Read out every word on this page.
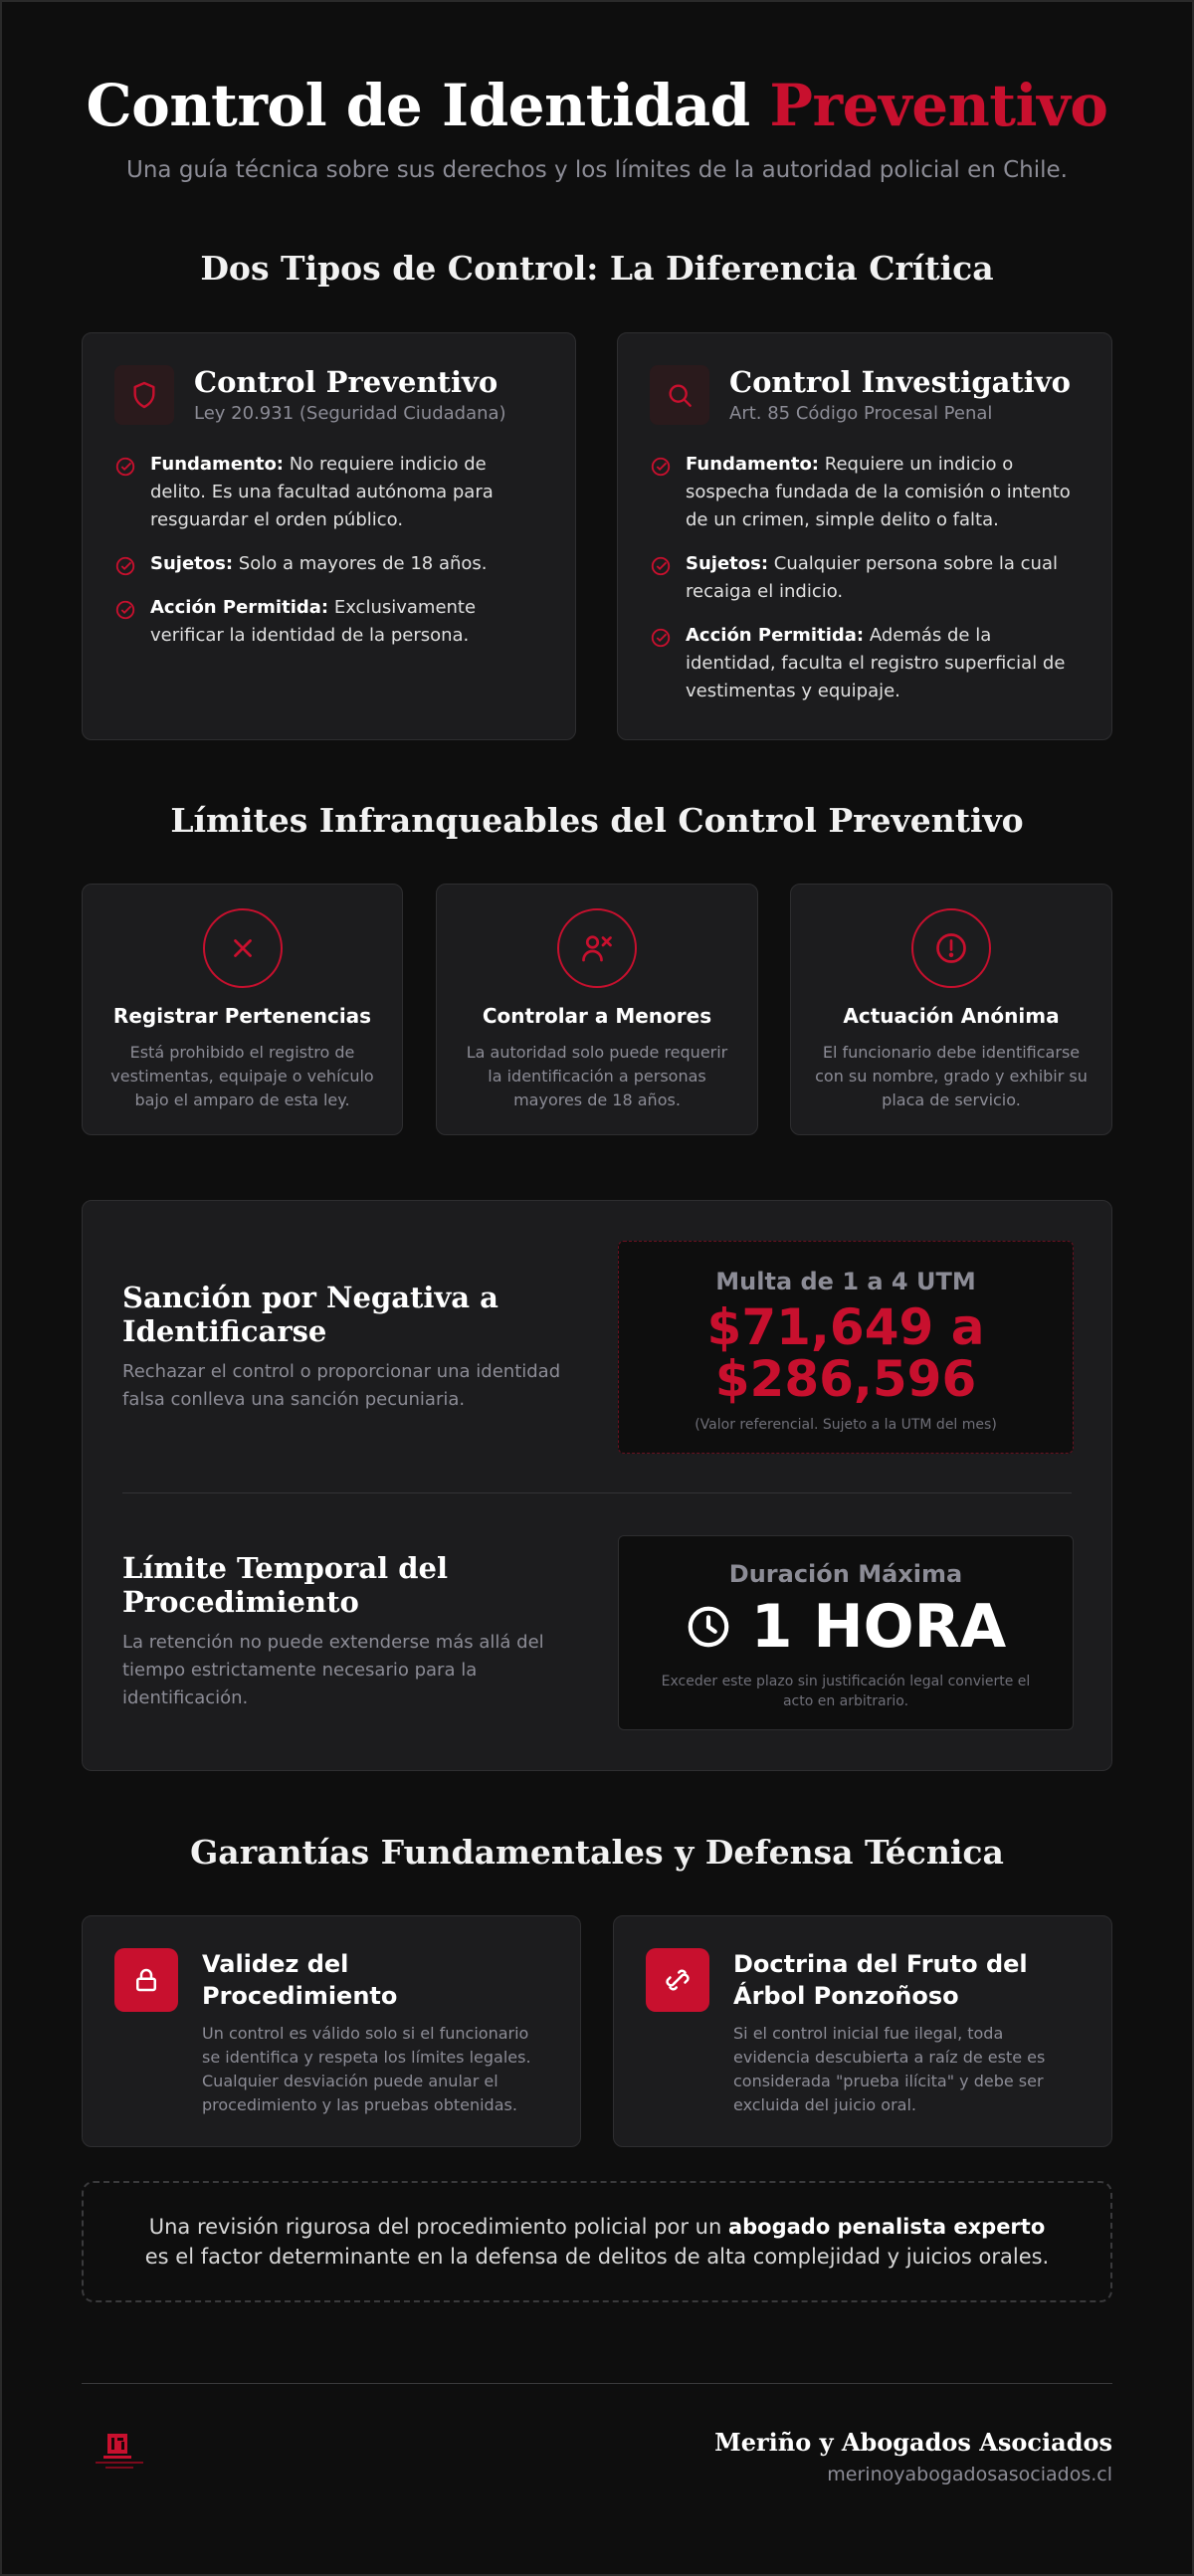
Control de Identidad Preventivo

Una guía técnica sobre sus derechos y los límites de la autoridad policial en Chile.

Dos Tipos de Control: La Diferencia Crítica
Control Preventivo
Ley 20.931 (Seguridad Ciudadana)
Fundamento: No requiere indicio de delito. Es una facultad autónoma para resguardar el orden público.
Sujetos: Solo a mayores de 18 años.
Acción Permitida: Exclusivamente verificar la identidad de la persona.
Control Investigativo
Art. 85 Código Procesal Penal
Fundamento: Requiere un indicio o sospecha fundada de la comisión o intento de un crimen, simple delito o falta.
Sujetos: Cualquier persona sobre la cual recaiga el indicio.
Acción Permitida: Además de la identidad, faculta el registro superficial de vestimentas y equipaje.
Límites Infranqueables del Control Preventivo
Registrar Pertenencias
Está prohibido el registro de vestimentas, equipaje o vehículo bajo el amparo de esta ley.
Controlar a Menores
La autoridad solo puede requerir la identificación a personas mayores de 18 años.
Actuación Anónima
El funcionario debe identificarse con su nombre, grado y exhibir su placa de servicio.
Sanción por Negativa a Identificarse
Rechazar el control o proporcionar una identidad falsa conlleva una sanción pecuniaria.
Multa de 1 a 4 UTM
$71,649 a
$286,596
(Valor referencial. Sujeto a la UTM del mes)
Límite Temporal del Procedimiento
La retención no puede extenderse más allá del tiempo estrictamente necesario para la identificación.
Duración Máxima
1 HORA
Exceder este plazo sin justificación legal convierte el acto en arbitrario.
Garantías Fundamentales y Defensa Técnica
Validez del Procedimiento
Un control es válido solo si el funcionario se identifica y respeta los límites legales. Cualquier desviación puede anular el procedimiento y las pruebas obtenidas.
Doctrina del Fruto del Árbol Ponzoñoso
Si el control inicial fue ilegal, toda evidencia descubierta a raíz de este es considerada "prueba ilícita" y debe ser excluida del juicio oral.

Una revisión rigurosa del procedimiento policial por un abogado penalista experto es el factor determinante en la defensa de delitos de alta complejidad y juicios orales.

Meriño y Abogados Asociados
merinoyabogadosasociados.cl
